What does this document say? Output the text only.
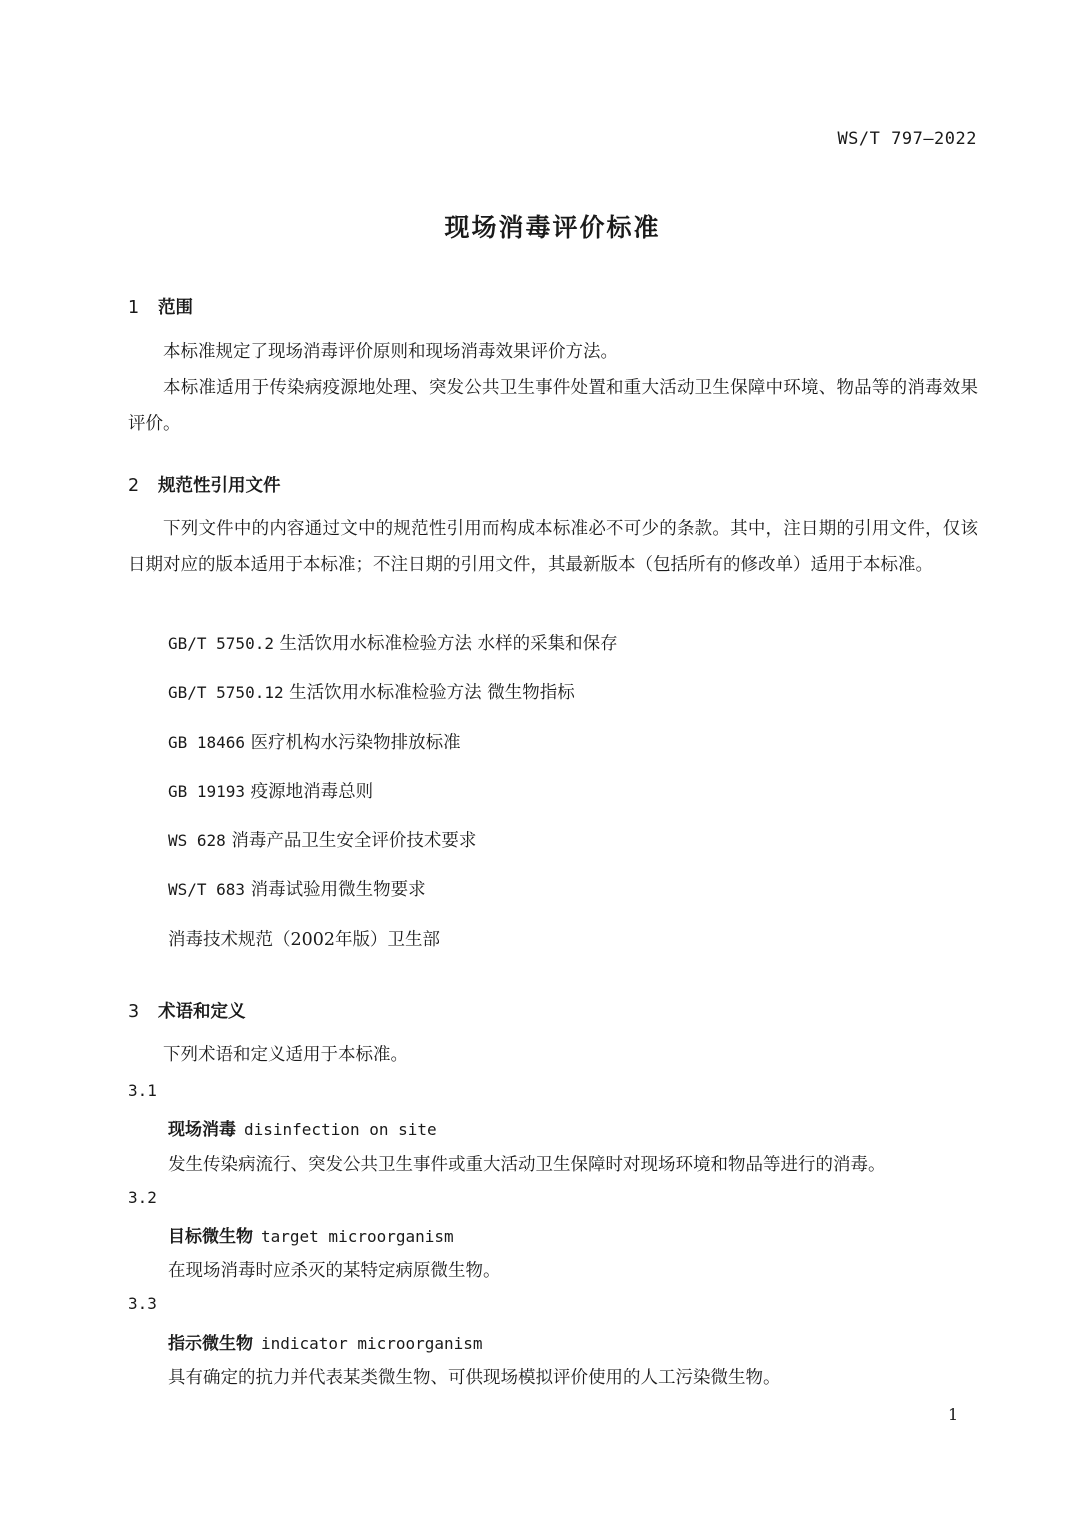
WS/T 797—2022
现场消毒评价标准
1 范围
本标准规定了现场消毒评价原则和现场消毒效果评价方法。
本标准适用于传染病疫源地处理、突发公共卫生事件处置和重大活动卫生保障中环境、物品等的消毒效果评价。
2 规范性引用文件
下列文件中的内容通过文中的规范性引用而构成本标准必不可少的条款。其中，注日期的引用文件，仅该日期对应的版本适用于本标准；不注日期的引用文件，其最新版本（包括所有的修改单）适用于本标准。
GB/T 5750.2 生活饮用水标准检验方法 水样的采集和保存
GB/T 5750.12 生活饮用水标准检验方法 微生物指标
GB 18466 医疗机构水污染物排放标准
GB 19193 疫源地消毒总则
WS 628 消毒产品卫生安全评价技术要求
WS/T 683 消毒试验用微生物要求
消毒技术规范（2002年版）卫生部
3 术语和定义
下列术语和定义适用于本标准。
3.1
现场消毒 disinfection on site
发生传染病流行、突发公共卫生事件或重大活动卫生保障时对现场环境和物品等进行的消毒。
3.2
目标微生物 target microorganism
在现场消毒时应杀灭的某特定病原微生物。
3.3
指示微生物 indicator microorganism
具有确定的抗力并代表某类微生物、可供现场模拟评价使用的人工污染微生物。
1
